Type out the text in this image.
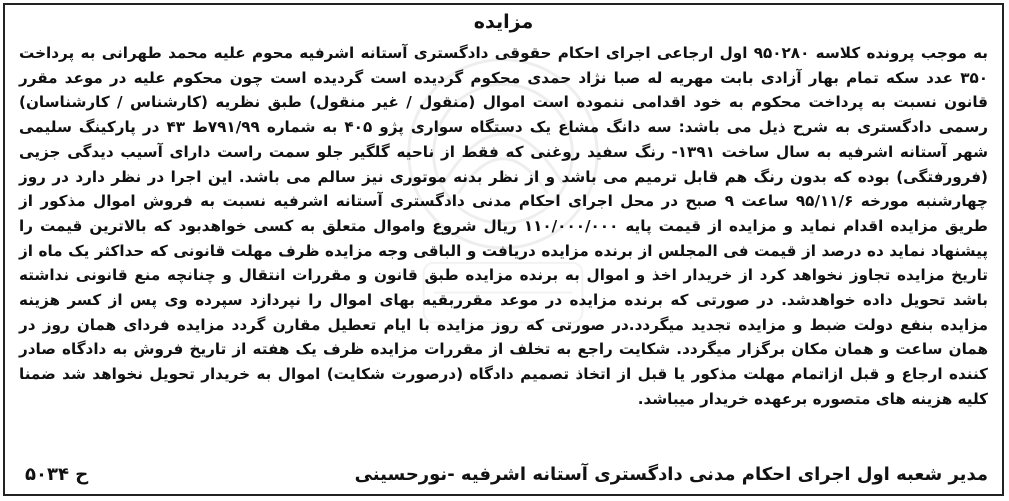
مزایده

به موجب پرونده کلاسه ۹۵۰۲۸۰ اول ارجاعی اجرای احکام حقوقی دادگستری آستانه اشرفیه محوم علیه محمد طهرانی به پرداخت ۳۵۰ عدد سکه تمام بهار آزادی بابت مهریه له صبا نژاد حمدی محکوم گردیده است گردیده است چون محکوم علیه در موعد مقرر قانون نسبت به پرداخت محکوم به خود اقدامی ننموده است اموال (منقول / غیر منقول) طبق نظریه (کارشناس / کارشناسان) رسمی دادگستری به شرح ذیل می باشد: سه دانگ مشاع یک دستگاه سواری پژو ۴۰۵ به شماره ۷۹۱/۹۹ط ۴۳ در پارکینگ سلیمی شهر آستانه اشرفیه به سال ساخت ۱۳۹۱- رنگ سفید روغنی که فقط از ناحیه گلگیر جلو سمت راست دارای آسیب دیدگی جزیی (فرورفتگی) بوده که بدون رنگ هم قابل ترمیم می باشد و از نظر بدنه موتوری نیز سالم می باشد. این اجرا در نظر دارد در روز چهارشنبه مورخه ۹۵/۱۱/۶ ساعت ۹ صبح در محل اجرای احکام مدنی دادگستری آستانه اشرفیه نسبت به فروش اموال مذکور از طریق مزایده اقدام نماید و مزایده از قیمت پایه ۱۱۰/۰۰۰/۰۰۰ ریال شروع واموال متعلق به کسی خواهدبود که بالاترین قیمت را پیشنهاد نماید ده درصد از قیمت فی المجلس از برنده مزایده دریافت و الباقی وجه مزایده ظرف مهلت قانونی که حداکثر یک ماه از تاریخ مزایده تجاوز نخواهد کرد از خریدار اخذ و اموال به برنده مزایده طبق قانون و مقررات انتقال و چنانچه منع قانونی نداشته باشد تحویل داده خواهدشد. در صورتی که برنده مزایده در موعد مقرربقیه بهای اموال را نپردازد سپرده وی پس از کسر هزینه مزایده بنفع دولت ضبط و مزایده تجدید میگردد.در صورتی که روز مزایده با ایام تعطیل مقارن گردد مزایده فردای همان روز در همان ساعت و همان مکان برگزار میگردد. شکایت راجع به تخلف از مقررات مزایده ظرف یک هفته از تاریخ فروش به دادگاه صادر کننده ارجاع و قبل ازاتمام مهلت مذکور یا قبل از اتخاذ تصمیم دادگاه (درصورت شکایت) اموال به خریدار تحویل نخواهد شد ضمنا کلیه هزینه های متصوره برعهده خریدار میباشد.

مدیر شعبه اول اجرای احکام مدنی دادگستری آستانه اشرفیه -نورحسینی
ح ۵۰۳۴
